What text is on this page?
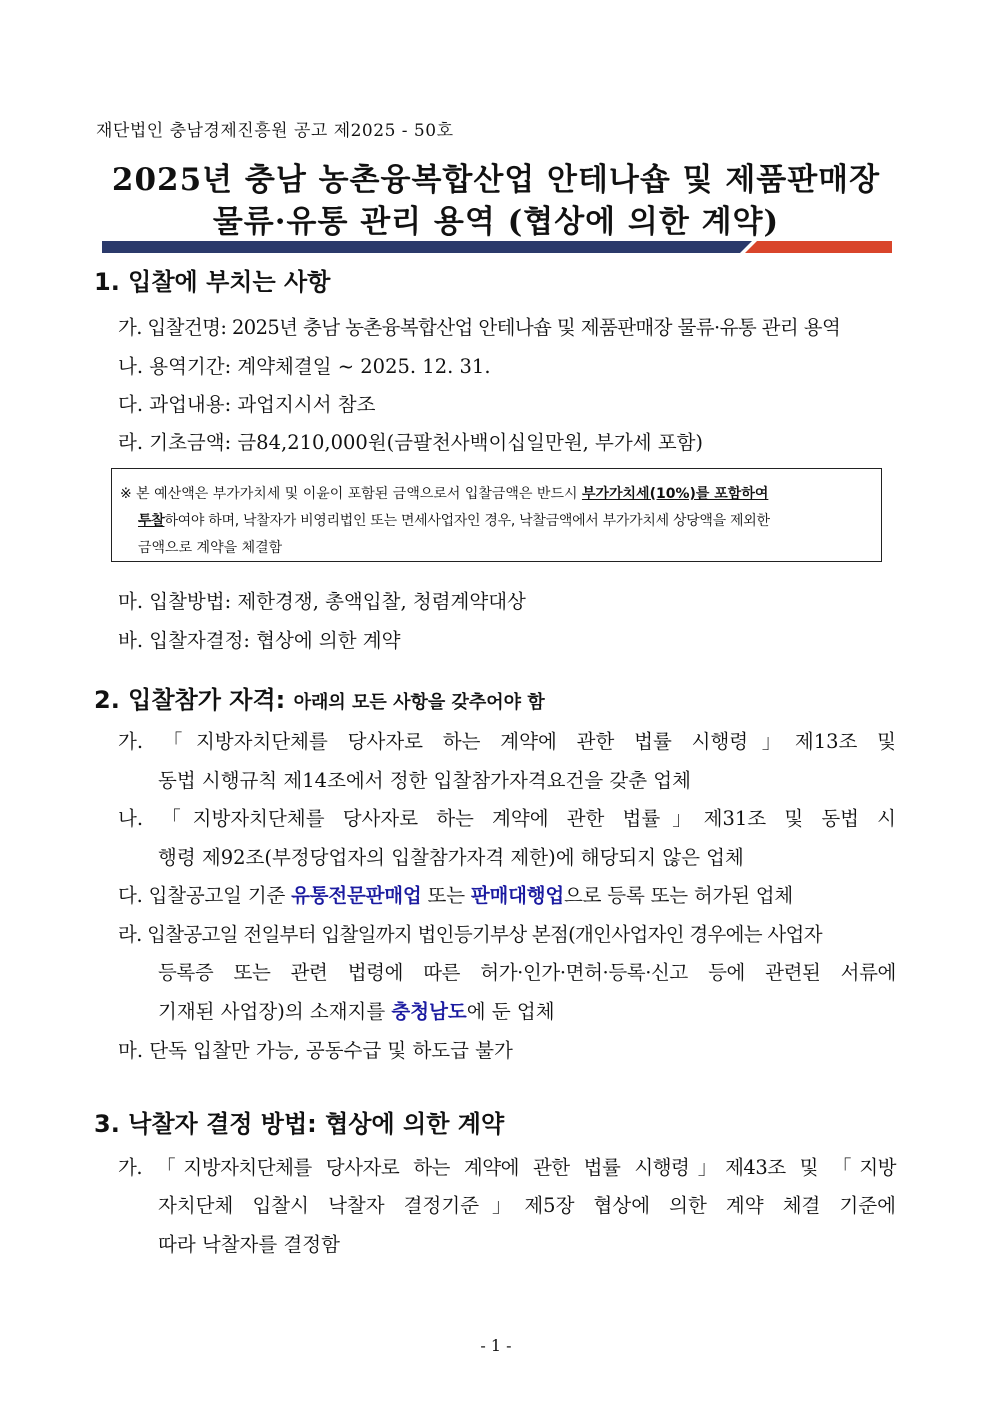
재단법인 충남경제진흥원 공고 제2025 - 50호
2025년 충남 농촌융복합산업 안테나숍 및 제품판매장
물류·유통 관리 용역 (협상에 의한 계약)
1. 입찰에 부치는 사항
가. 입찰건명: 2025년 충남 농촌융복합산업 안테나숍 및 제품판매장 물류·유통 관리 용역
나. 용역기간: 계약체결일 ~ 2025. 12. 31.
다. 과업내용: 과업지시서 참조
라. 기초금액: 금84,210,000원(금팔천사백이십일만원, 부가세 포함)
※ 본 예산액은 부가가치세 및 이윤이 포함된 금액으로서 입찰금액은 반드시 부가가치세(10%)를 포함하여
투찰하여야 하며, 낙찰자가 비영리법인 또는 면세사업자인 경우, 낙찰금액에서 부가가치세 상당액을 제외한
금액으로 계약을 체결함
마. 입찰방법: 제한경쟁, 총액입찰, 청렴계약대상
바. 입찰자결정: 협상에 의한 계약
2. 입찰참가 자격: 아래의 모든 사항을 갖추어야 함
가. 「지방자치단체를 당사자로 하는 계약에 관한 법률 시행령」제13조 및
동법 시행규칙 제14조에서 정한 입찰참가자격요건을 갖춘 업체
나. 「지방자치단체를 당사자로 하는 계약에 관한 법률」제31조 및 동법 시
행령 제92조(부정당업자의 입찰참가자격 제한)에 해당되지 않은 업체
다. 입찰공고일 기준 유통전문판매업 또는 판매대행업으로 등록 또는 허가된 업체
라. 입찰공고일 전일부터 입찰일까지 법인등기부상 본점(개인사업자인 경우에는 사업자
등록증 또는 관련 법령에 따른 허가·인가·면허·등록·신고 등에 관련된 서류에
기재된 사업장)의 소재지를 충청남도에 둔 업체
마. 단독 입찰만 가능, 공동수급 및 하도급 불가
3. 낙찰자 결정 방법: 협상에 의한 계약
가. 「지방자치단체를 당사자로 하는 계약에 관한 법률 시행령」제43조 및 「지방
자치단체 입찰시 낙찰자 결정기준」제5장 협상에 의한 계약 체결 기준에
따라 낙찰자를 결정함
- 1 -
